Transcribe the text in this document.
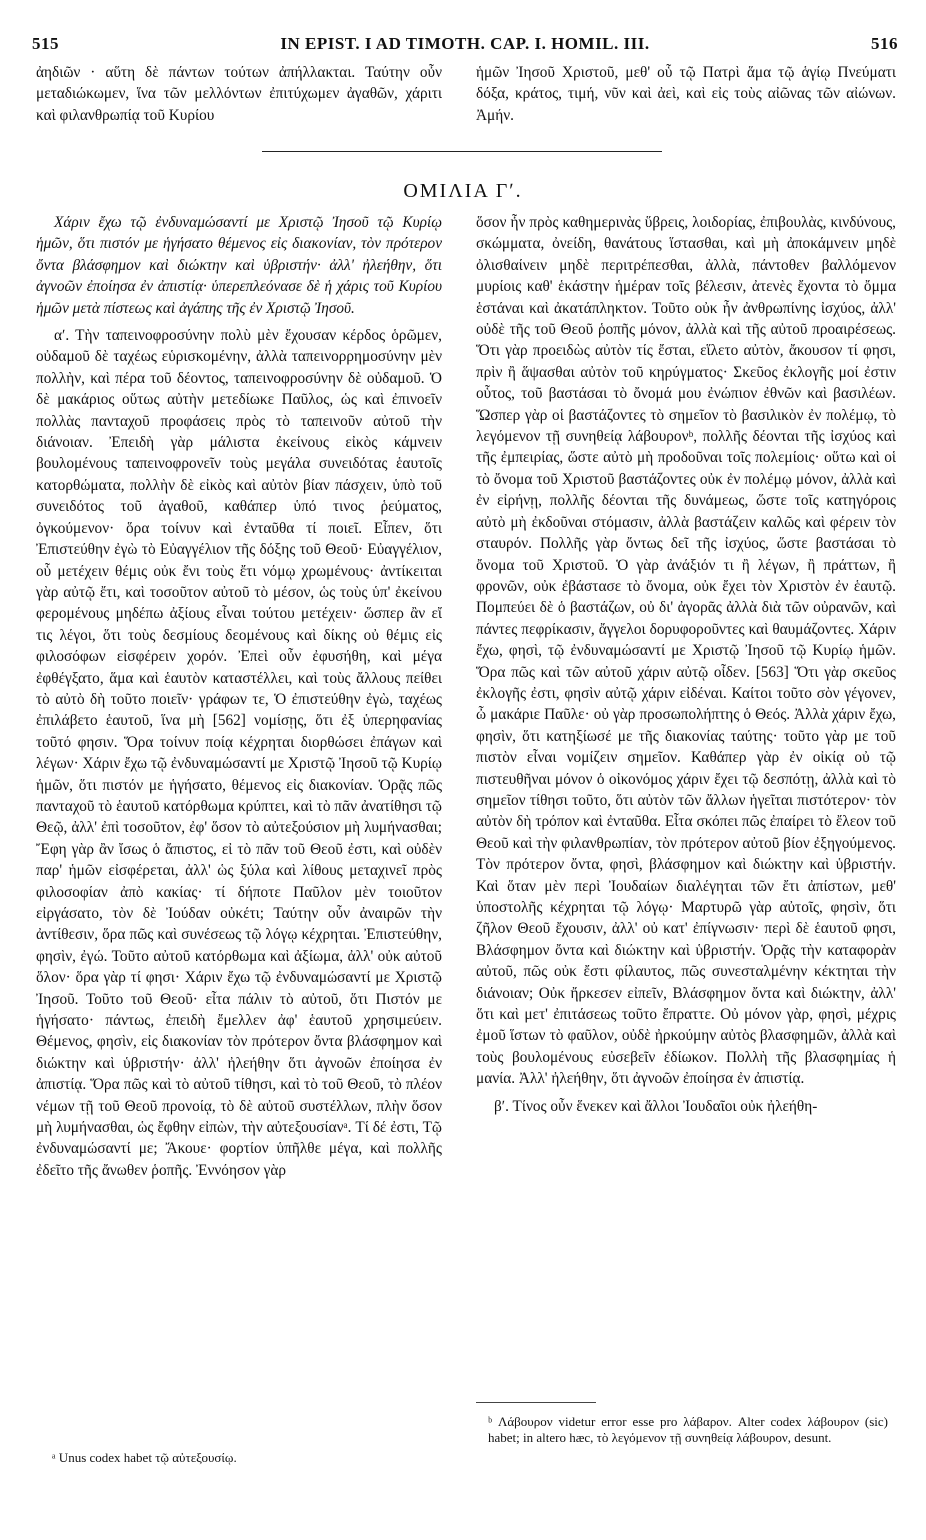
515	IN EPIST. I AD TIMOTH. CAP. I. HOMIL. III.	516

ἀηδιῶν · αὕτη δὲ πάντων τούτων ἀπήλλακται. Ταύτην οὖν μεταδιώκωμεν, ἵνα τῶν μελλόντων ἐπιτύχωμεν ἀγαθῶν, χάριτι καὶ φιλανθρωπίᾳ τοῦ Κυρίου

ἡμῶν Ἰησοῦ Χριστοῦ, μεθ' οὗ τῷ Πατρὶ ἅμα τῷ ἁγίῳ Πνεύματι δόξα, κράτος, τιμή, νῦν καὶ ἀεὶ, καὶ εἰς τοὺς αἰῶνας τῶν αἰώνων. Ἀμήν.

ΟΜΙΛΙΑ Γʹ.

Χάριν ἔχω τῷ ἐνδυναμώσαντί με Χριστῷ Ἰησοῦ τῷ Κυρίῳ ἡμῶν, ὅτι πιστόν με ἡγήσατο θέμενος εἰς διακονίαν, τὸν πρότερον ὄντα βλάσφημον καὶ διώκτην καὶ ὑβριστήν· ἀλλ' ἠλεήθην, ὅτι ἀγνοῶν ἐποίησα ἐν ἀπιστίᾳ· ὑπερεπλεόνασε δὲ ἡ χάρις τοῦ Κυρίου ἡμῶν μετὰ πίστεως καὶ ἀγάπης τῆς ἐν Χριστῷ Ἰησοῦ.

αʹ. Τὴν ταπεινοφροσύνην πολὺ μὲν ἔχουσαν κέρδος ὁρῶμεν, οὐδαμοῦ δὲ ταχέως εὑρισκομένην, ἀλλὰ ταπεινορρημοσύνην μὲν πολλὴν, καὶ πέρα τοῦ δέοντος, ταπεινοφροσύνην δὲ οὐδαμοῦ. Ὁ δὲ μακάριος οὕτως αὐτὴν μετεδίωκε Παῦλος, ὡς καὶ ἐπινοεῖν πολλὰς πανταχοῦ προφάσεις πρὸς τὸ ταπεινοῦν αὐτοῦ τὴν διάνοιαν. Ἐπειδὴ γὰρ μάλιστα ἐκείνους εἰκὸς κάμνειν βουλομένους ταπεινοφρονεῖν τοὺς μεγάλα συνειδότας ἑαυτοῖς κατορθώματα, πολλὴν δὲ εἰκὸς καὶ αὐτὸν βίαν πάσχειν, ὑπὸ τοῦ συνειδότος τοῦ ἀγαθοῦ, καθάπερ ὑπό τινος ῥεύματος, ὀγκούμενον· ὅρα τοίνυν καὶ ἐνταῦθα τί ποιεῖ. Εἶπεν, ὅτι Ἐπιστεύθην ἐγὼ τὸ Εὐαγγέλιον τῆς δόξης τοῦ Θεοῦ· Εὐαγγέλιον, οὗ μετέχειν θέμις οὐκ ἔνι τοὺς ἔτι νόμῳ χρωμένους· ἀντίκειται γὰρ αὐτῷ ἔτι, καὶ τοσοῦτον αὐτοῦ τὸ μέσον, ὡς τοὺς ὑπ' ἐκείνου φερομένους μηδέπω ἀξίους εἶναι τούτου μετέχειν· ὥσπερ ἂν εἴ τις λέγοι, ὅτι τοὺς δεσμίους δεομένους καὶ δίκης οὐ θέμις εἰς φιλοσόφων εἰσφέρειν χορόν. Ἐπεὶ οὖν ἐφυσήθη, καὶ μέγα ἐφθέγξατο, ἅμα καὶ ἑαυτὸν καταστέλλει, καὶ τοὺς ἄλλους πείθει τὸ αὐτὸ δὴ τοῦτο ποιεῖν· γράφων τε, Ὁ ἐπιστεύθην ἐγὼ, ταχέως ἐπιλάβετο ἑαυτοῦ, ἵνα μὴ [562] νομίσῃς, ὅτι ἐξ ὑπερηφανίας τοῦτό φησιν. Ὅρα τοίνυν ποίᾳ κέχρηται διορθώσει ἐπάγων καὶ λέγων· Χάριν ἔχω τῷ ἐνδυναμώσαντί με Χριστῷ Ἰησοῦ τῷ Κυρίῳ ἡμῶν, ὅτι πιστόν με ἡγήσατο, θέμενος εἰς διακονίαν. Ὁρᾷς πῶς πανταχοῦ τὸ ἑαυτοῦ κατόρθωμα κρύπτει, καὶ τὸ πᾶν ἀνατίθησι τῷ Θεῷ, ἀλλ' ἐπὶ τοσοῦτον, ἐφ' ὅσον τὸ αὐτεξούσιον μὴ λυμήνασθαι; Ἔφη γὰρ ἂν ἴσως ὁ ἄπιστος, εἰ τὸ πᾶν τοῦ Θεοῦ ἐστι, καὶ οὐδὲν παρ' ἡμῶν εἰσφέρεται, ἀλλ' ὡς ξύλα καὶ λίθους μεταχινεῖ πρὸς φιλοσοφίαν ἀπὸ κακίας· τί δήποτε Παῦλον μὲν τοιοῦτον εἰργάσατο, τὸν δὲ Ἰούδαν οὐκέτι; Ταύτην οὖν ἀναιρῶν τὴν ἀντίθεσιν, ὅρα πῶς καὶ συνέσεως τῷ λόγῳ κέχρηται. Ἐπιστεύθην, φησὶν, ἐγώ. Τοῦτο αὐτοῦ κατόρθωμα καὶ ἀξίωμα, ἀλλ' οὐκ αὐτοῦ ὅλον· ὅρα γὰρ τί φησι· Χάριν ἔχω τῷ ἐνδυναμώσαντί με Χριστῷ Ἰησοῦ. Τοῦτο τοῦ Θεοῦ· εἶτα πάλιν τὸ αὐτοῦ, ὅτι Πιστόν με ἡγήσατο· πάντως, ἐπειδὴ ἔμελλεν ἀφ' ἑαυτοῦ χρησιμεύειν. Θέμενος, φησὶν, εἰς διακονίαν τὸν πρότερον ὄντα βλάσφημον καὶ διώκτην καὶ ὑβριστήν· ἀλλ' ἠλεήθην ὅτι ἀγνοῶν ἐποίησα ἐν ἀπιστίᾳ. Ὅρα πῶς καὶ τὸ αὐτοῦ τίθησι, καὶ τὸ τοῦ Θεοῦ, τὸ πλέον νέμων τῇ τοῦ Θεοῦ προνοίᾳ, τὸ δὲ αὐτοῦ συστέλλων, πλὴν ὅσον μὴ λυμήνασθαι, ὡς ἔφθην εἰπὼν, τὴν αὐτεξουσίανᵃ. Τί δέ ἐστι, Τῷ ἐνδυναμώσαντί με; Ἄκουε· φορτίον ὑπῆλθε μέγα, καὶ πολλῆς ἐδεῖτο τῆς ἄνωθεν ῥοπῆς. Ἐννόησον γὰρ

ὅσον ἦν πρὸς καθημερινὰς ὕβρεις, λοιδορίας, ἐπιβουλὰς, κινδύνους, σκώμματα, ὀνείδη, θανάτους ἵστασθαι, καὶ μὴ ἀποκάμνειν μηδὲ ὀλισθαίνειν μηδὲ περιτρέπεσθαι, ἀλλὰ, πάντοθεν βαλλόμενον μυρίοις καθ' ἑκάστην ἡμέραν τοῖς βέλεσιν, ἀτενὲς ἔχοντα τὸ ὄμμα ἑστάναι καὶ ἀκατάπληκτον. Τοῦτο οὐκ ἦν ἀνθρωπίνης ἰσχύος, ἀλλ' οὐδὲ τῆς τοῦ Θεοῦ ῥοπῆς μόνον, ἀλλὰ καὶ τῆς αὐτοῦ προαιρέσεως. Ὅτι γὰρ προειδὼς αὐτὸν τίς ἔσται, εἵλετο αὐτὸν, ἄκουσον τί φησι, πρὶν ἢ ἅψασθαι αὐτὸν τοῦ κηρύγματος· Σκεῦος ἐκλογῆς μοί ἐστιν οὗτος, τοῦ βαστάσαι τὸ ὄνομά μου ἐνώπιον ἐθνῶν καὶ βασιλέων. Ὥσπερ γὰρ οἱ βαστάζοντες τὸ σημεῖον τὸ βασιλικὸν ἐν πολέμῳ, τὸ λεγόμενον τῇ συνηθείᾳ λάβουρονᵇ, πολλῆς δέονται τῆς ἰσχύος καὶ τῆς ἐμπειρίας, ὥστε αὐτὸ μὴ προδοῦναι τοῖς πολεμίοις· οὕτω καὶ οἱ τὸ ὄνομα τοῦ Χριστοῦ βαστάζοντες οὐκ ἐν πολέμῳ μόνον, ἀλλὰ καὶ ἐν εἰρήνῃ, πολλῆς δέονται τῆς δυνάμεως, ὥστε τοῖς κατηγόροις αὐτὸ μὴ ἐκδοῦναι στόμασιν, ἀλλὰ βαστάζειν καλῶς καὶ φέρειν τὸν σταυρόν. Πολλῆς γὰρ ὄντως δεῖ τῆς ἰσχύος, ὥστε βαστάσαι τὸ ὄνομα τοῦ Χριστοῦ. Ὁ γὰρ ἀνάξιόν τι ἢ λέγων, ἢ πράττων, ἢ φρονῶν, οὐκ ἐβάστασε τὸ ὄνομα, οὐκ ἔχει τὸν Χριστὸν ἐν ἑαυτῷ. Πομπεύει δὲ ὁ βαστάζων, οὐ δι' ἀγορᾶς ἀλλὰ διὰ τῶν οὐρανῶν, καὶ πάντες πεφρίκασιν, ἄγγελοι δορυφοροῦντες καὶ θαυμάζοντες. Χάριν ἔχω, φησὶ, τῷ ἐνδυναμώσαντί με Χριστῷ Ἰησοῦ τῷ Κυρίῳ ἡμῶν. Ὅρα πῶς καὶ τῶν αὐτοῦ χάριν αὐτῷ οἶδεν. [563] Ὅτι γὰρ σκεῦος ἐκλογῆς ἐστι, φησὶν αὐτῷ χάριν εἰδέναι. Καίτοι τοῦτο σὸν γέγονεν, ὦ μακάριε Παῦλε· οὐ γὰρ προσωπολήπτης ὁ Θεός. Ἀλλὰ χάριν ἔχω, φησὶν, ὅτι κατηξίωσέ με τῆς διακονίας ταύτης· τοῦτο γὰρ με τοῦ πιστὸν εἶναι νομίζειν σημεῖον. Καθάπερ γὰρ ἐν οἰκίᾳ οὐ τῷ πιστευθῆναι μόνον ὁ οἰκονόμος χάριν ἔχει τῷ δεσπότῃ, ἀλλὰ καὶ τὸ σημεῖον τίθησι τοῦτο, ὅτι αὐτὸν τῶν ἄλλων ἡγεῖται πιστότερον· τὸν αὐτὸν δὴ τρόπον καὶ ἐνταῦθα. Εἶτα σκόπει πῶς ἐπαίρει τὸ ἔλεον τοῦ Θεοῦ καὶ τὴν φιλανθρωπίαν, τὸν πρότερον αὐτοῦ βίον ἐξηγούμενος. Τὸν πρότερον ὄντα, φησὶ, βλάσφημον καὶ διώκτην καὶ ὑβριστήν. Καὶ ὅταν μὲν περὶ Ἰουδαίων διαλέγηται τῶν ἔτι ἀπίστων, μεθ' ὑποστολῆς κέχρηται τῷ λόγῳ· Μαρτυρῶ γὰρ αὐτοῖς, φησὶν, ὅτι ζῆλον Θεοῦ ἔχουσιν, ἀλλ' οὐ κατ' ἐπίγνωσιν· περὶ δὲ ἑαυτοῦ φησι, Βλάσφημον ὄντα καὶ διώκτην καὶ ὑβριστήν. Ὁρᾷς τὴν καταφορὰν αὐτοῦ, πῶς οὐκ ἔστι φίλαυτος, πῶς συνεσταλμένην κέκτηται τὴν διάνοιαν; Οὐκ ἤρκεσεν εἰπεῖν, Βλάσφημον ὄντα καὶ διώκτην, ἀλλ' ὅτι καὶ μετ' ἐπιτάσεως τοῦτο ἔπραττε. Οὐ μόνον γὰρ, φησὶ, μέχρις ἐμοῦ ἵστων τὸ φαῦλον, οὐδὲ ἠρκούμην αὐτὸς βλασφημῶν, ἀλλὰ καὶ τοὺς βουλομένους εὐσεβεῖν ἐδίωκον. Πολλὴ τῆς βλασφημίας ἡ μανία. Ἀλλ' ἠλεήθην, ὅτι ἀγνοῶν ἐποίησα ἐν ἀπιστίᾳ.

βʹ. Τίνος οὖν ἕνεκεν καὶ ἄλλοι Ἰουδαῖοι οὐκ ἠλεήθη-

ᵇ Λάβουρον videtur error esse pro λάβαρον. Alter codex λάβουρον (sic) habet; in altero hæc, τὸ λεγόμενον τῇ συνηθείᾳ λάβουρον, desunt.
ᵃ Unus codex habet τῷ αὐτεξουσίῳ.
